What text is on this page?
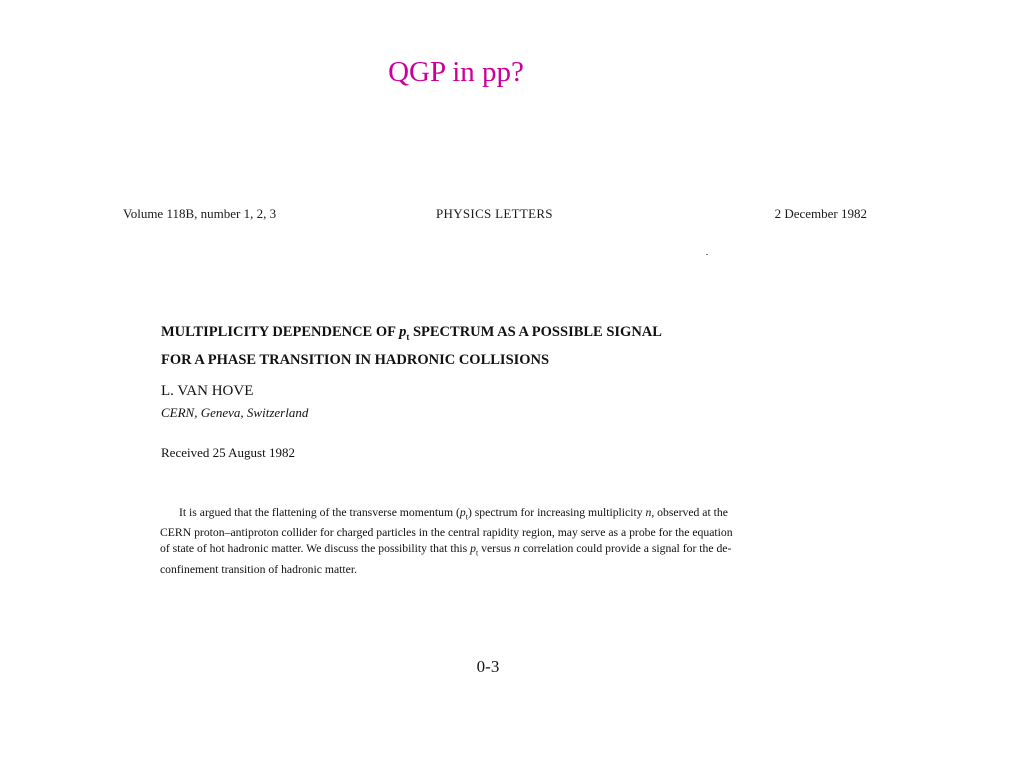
QGP in pp?
Volume 118B, number 1, 2, 3	PHYSICS LETTERS	2 December 1982
MULTIPLICITY DEPENDENCE OF $p_t$ SPECTRUM AS A POSSIBLE SIGNAL
FOR A PHASE TRANSITION IN HADRONIC COLLISIONS
L. VAN HOVE
CERN, Geneva, Switzerland
Received 25 August 1982
It is argued that the flattening of the transverse momentum $(p_t)$ spectrum for increasing multiplicity n, observed at the
CERN proton–antiproton collider for charged particles in the central rapidity region, may serve as a probe for the equation
of state of hot hadronic matter. We discuss the possibility that this $p_t$ versus n correlation could provide a signal for the de-
confinement transition of hadronic matter.
0-3
